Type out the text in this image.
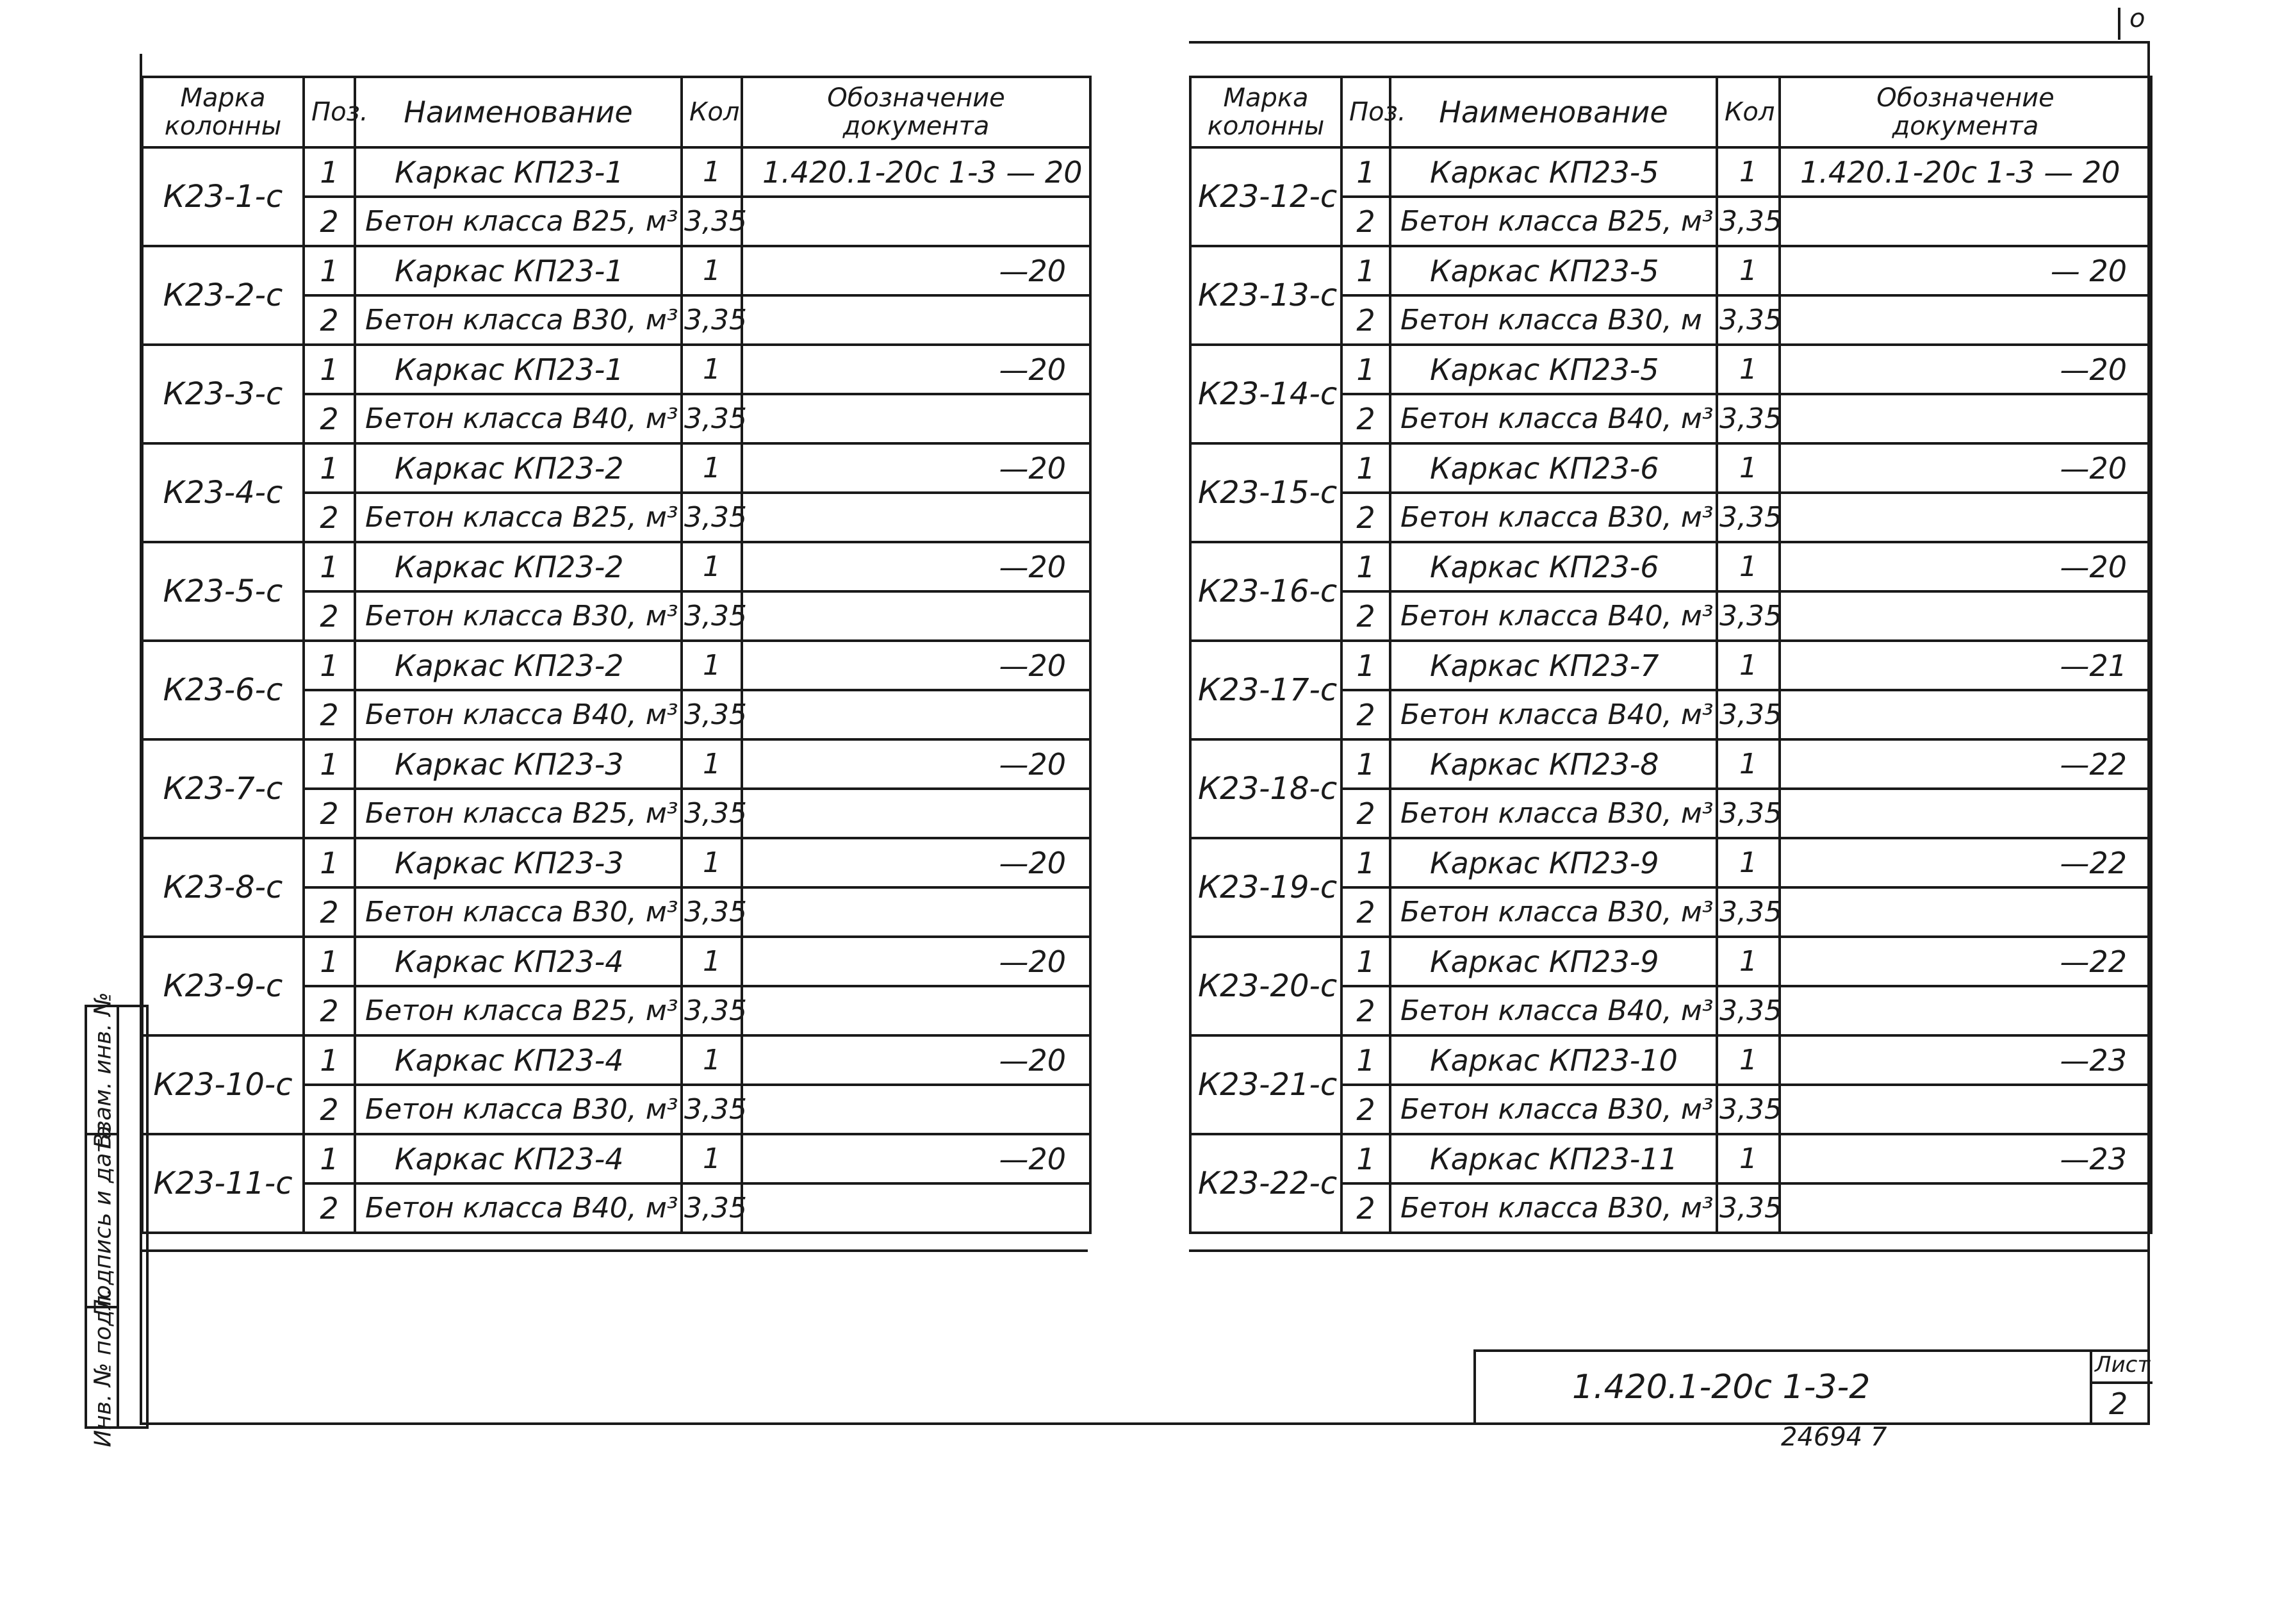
о
Марка
колонны	Поз.	Наименование	Кол	Обозначение
документа
К23-1-с	1	Каркас КП23-1	1	1.420.1-20с 1-3 — 20
	2	Бетон класса В25, м³	3,35	
К23-2-с	1	Каркас КП23-1	1	—20
	2	Бетон класса В30, м³	3,35	
К23-3-с	1	Каркас КП23-1	1	—20
	2	Бетон класса В40, м³	3,35	
К23-4-с	1	Каркас КП23-2	1	—20
	2	Бетон класса В25, м³	3,35	
К23-5-с	1	Каркас КП23-2	1	—20
	2	Бетон класса В30, м³	3,35	
К23-6-с	1	Каркас КП23-2	1	—20
	2	Бетон класса В40, м³	3,35	
К23-7-с	1	Каркас КП23-3	1	—20
	2	Бетон класса В25, м³	3,35	
К23-8-с	1	Каркас КП23-3	1	—20
	2	Бетон класса В30, м³	3,35	
К23-9-с	1	Каркас КП23-4	1	—20
	2	Бетон класса В25, м³	3,35	
К23-10-с	1	Каркас КП23-4	1	—20
	2	Бетон класса В30, м³	3,35	
К23-11-с	1	Каркас КП23-4	1	—20
	2	Бетон класса В40, м³	3,35	
Марка
колонны	Поз.	Наименование	Кол	Обозначение
документа
К23-12-с	1	Каркас КП23-5	1	1.420.1-20с 1-3 — 20
	2	Бетон класса В25, м³	3,35	
К23-13-с	1	Каркас КП23-5	1	— 20
	2	Бетон класса В30, м	3,35	
К23-14-с	1	Каркас КП23-5	1	—20
	2	Бетон класса В40, м³	3,35	
К23-15-с	1	Каркас КП23-6	1	—20
	2	Бетон класса В30, м³	3,35	
К23-16-с	1	Каркас КП23-6	1	—20
	2	Бетон класса В40, м³	3,35	
К23-17-с	1	Каркас КП23-7	1	—21
	2	Бетон класса В40, м³	3,35	
К23-18-с	1	Каркас КП23-8	1	—22
	2	Бетон класса В30, м³	3,35	
К23-19-с	1	Каркас КП23-9	1	—22
	2	Бетон класса В30, м³	3,35	
К23-20-с	1	Каркас КП23-9	1	—22
	2	Бетон класса В40, м³	3,35	
К23-21-с	1	Каркас КП23-10	1	—23
	2	Бетон класса В30, м³	3,35	
К23-22-с	1	Каркас КП23-11	1	—23
	2	Бетон класса В30, м³	3,35	
1.420.1-20с 1-3-2
Лист
2
Взам. инв. №
Подпись и дата
Инв. № подл.	24694 7
